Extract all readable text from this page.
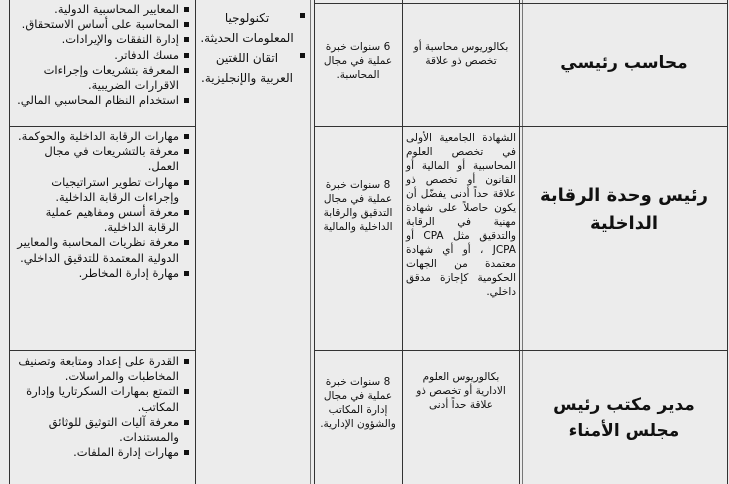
محاسب رئيسي
بكالوريوس محاسبة أو تخصص ذو علاقة
6 سنوات خبرة عملية في مجال المحاسبة.
المعايير المحاسبية الدولية.
المحاسبة على أساس الاستحقاق.
إدارة النفقات والإيرادات.
مسك الدفاتر.
المعرفة بتشريعات وإجراءات الاقرارات الضريبية.
استخدام النظام المحاسبي المالي.
تكنولوجيا المعلومات الحديثة.
اتقان اللغتين العربية والإنجليزية.
رئيس وحدة الرقابة الداخلية
الشهادة الجامعية الأولى في تخصص العلوم المحاسبية أو المالية أو القانون أو تخصص ذو علاقة حداً أدنى يفضّل أن يكون حاصلاً على شهادة مهنية في الرقابة والتدقيق مثل CPA أو JCPA ، أو أي شهادة معتمدة من الجهات الحكومية كإجازة مدقق داخلي.
8 سنوات خبرة عملية في مجال التدقيق والرقابة الداخلية والمالية
مهارات الرقابة الداخلية والحوكمة.
معرفة بالتشريعات في مجال العمل.
مهارات تطوير استراتيجيات وإجراءات الرقابة الداخلية.
معرفة أسس ومفاهيم عملية الرقابة الداخلية.
معرفة نظريات المحاسبة والمعايير الدولية المعتمدة للتدقيق الداخلي.
مهارة إدارة المخاطر.
مدير مكتب رئيس مجلس الأمناء
بكالوريوس العلوم الادارية أو تخصص ذو علاقة حداً أدنى
8 سنوات خبرة عملية في مجال إدارة المكاتب والشؤون الإدارية.
القدرة على إعداد ومتابعة وتصنيف المخاطبات والمراسلات.
التمتع بمهارات السكرتاريا وإدارة المكاتب.
معرفة آليات التوثيق للوثائق والمستندات.
مهارات إدارة الملفات.
